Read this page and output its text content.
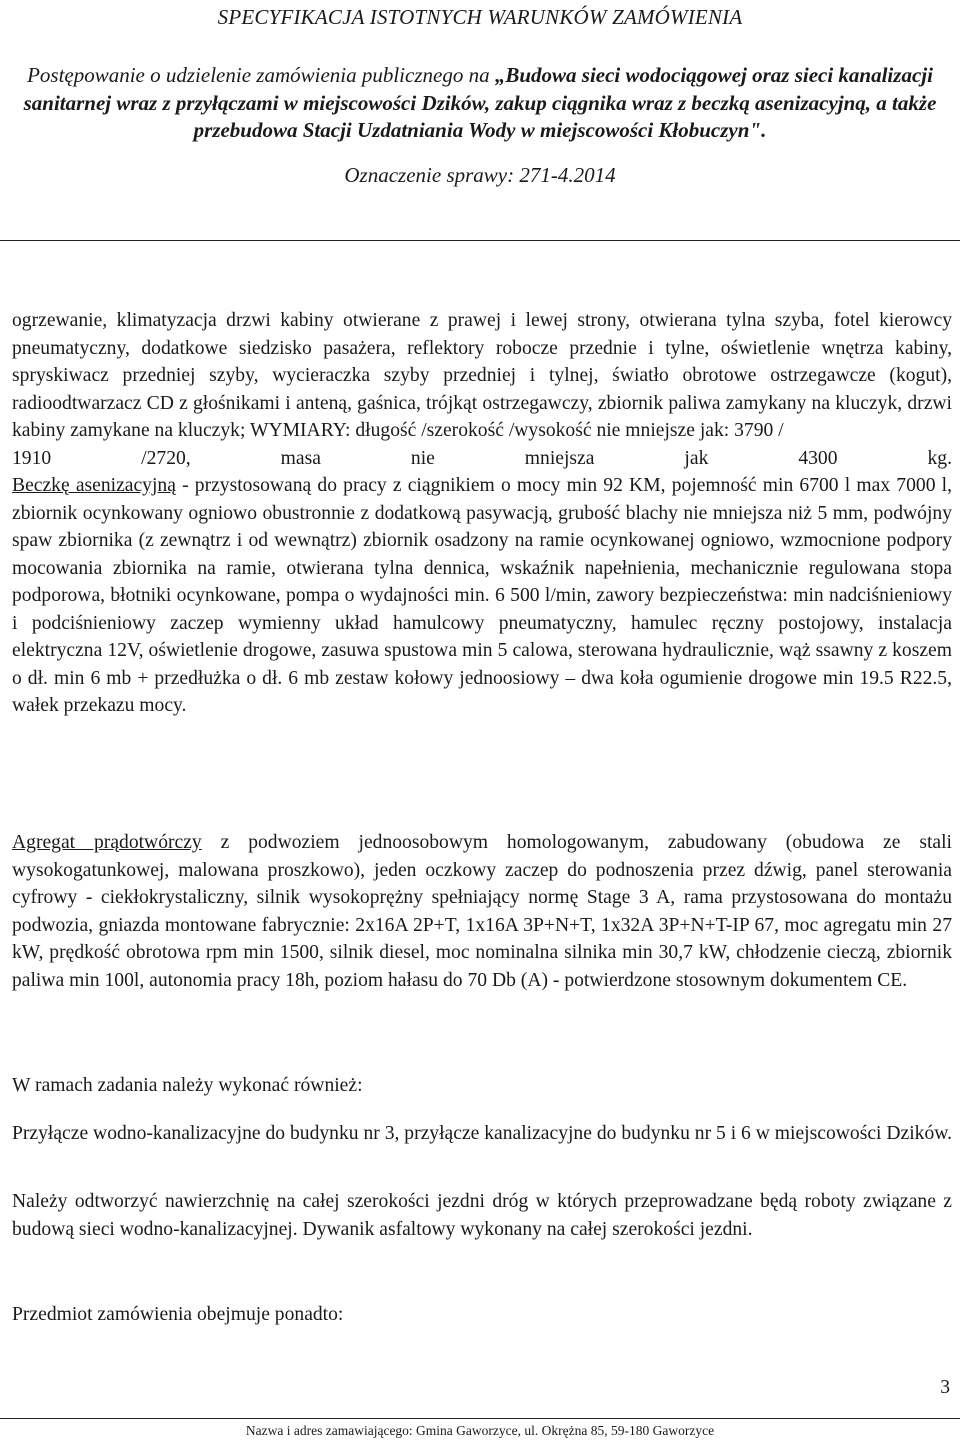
SPECYFIKACJA ISTOTNYCH WARUNKÓW ZAMÓWIENIA
Postępowanie o udzielenie zamówienia publicznego na „Budowa sieci wodociągowej oraz sieci kanalizacji sanitarnej wraz z przyłączami w miejscowości Dzików, zakup ciągnika wraz z beczką asenizacyjną, a także przebudowa Stacji Uzdatniania Wody w miejscowości Kłobuczyn".
Oznaczenie sprawy: 271-4.2014

ogrzewanie, klimatyzacja drzwi kabiny otwierane z prawej i lewej strony, otwierana tylna szyba, fotel kierowcy pneumatyczny, dodatkowe siedzisko pasażera, reflektory robocze przednie i tylne, oświetlenie wnętrza kabiny, spryskiwacz przedniej szyby, wycieraczka szyby przedniej i tylnej, światło obrotowe ostrzegawcze (kogut), radioodtwarzacz CD z głośnikami i anteną, gaśnica, trójkąt ostrzegawczy, zbiornik paliwa zamykany na kluczyk, drzwi kabiny zamykane na kluczyk; WYMIARY: długość /szerokość /wysokość nie mniejsze jak: 3790 /

1910 /2720, masa nie mniejsza jak 4300 kg.

Beczkę asenizacyjną - przystosowaną do pracy z ciągnikiem o mocy min 92 KM, pojemność min 6700 l max 7000 l, zbiornik ocynkowany ogniowo obustronnie z dodatkową pasywacją, grubość blachy nie mniejsza niż 5 mm, podwójny spaw zbiornika (z zewnątrz i od wewnątrz) zbiornik osadzony na ramie ocynkowanej ogniowo, wzmocnione podpory mocowania zbiornika na ramie, otwierana tylna dennica, wskaźnik napełnienia, mechanicznie regulowana stopa podporowa, błotniki ocynkowane, pompa o wydajności min. 6 500 l/min, zawory bezpieczeństwa: min nadciśnieniowy i podciśnieniowy zaczep wymienny układ hamulcowy pneumatyczny, hamulec ręczny postojowy, instalacja elektryczna 12V, oświetlenie drogowe, zasuwa spustowa min 5 calowa, sterowana hydraulicznie, wąż ssawny z koszem o dł. min 6 mb + przedłużka o dł. 6 mb zestaw kołowy jednoosiowy – dwa koła ogumienie drogowe min 19.5 R22.5, wałek przekazu mocy.

Agregat prądotwórczy z podwoziem jednoosobowym homologowanym, zabudowany (obudowa ze stali wysokogatunkowej, malowana proszkowo), jeden oczkowy zaczep do podnoszenia przez dźwig, panel sterowania cyfrowy - ciekłokrystaliczny, silnik wysokoprężny spełniający normę Stage 3 A, rama przystosowana do montażu podwozia, gniazda montowane fabrycznie: 2x16A 2P+T, 1x16A 3P+N+T, 1x32A 3P+N+T-IP 67, moc agregatu min 27 kW, prędkość obrotowa rpm min 1500, silnik diesel, moc nominalna silnika min 30,7 kW, chłodzenie cieczą, zbiornik paliwa min 100l, autonomia pracy 18h, poziom hałasu do 70 Db (A) - potwierdzone stosownym dokumentem CE.

W ramach zadania należy wykonać również:
Przyłącze wodno-kanalizacyjne do budynku nr 3, przyłącze kanalizacyjne do budynku nr 5 i 6 w miejscowości Dzików.
Należy odtworzyć nawierzchnię na całej szerokości jezdni dróg w których przeprowadzane będą roboty związane z budową sieci wodno-kanalizacyjnej. Dywanik asfaltowy wykonany na całej szerokości jezdni.
Przedmiot zamówienia obejmuje ponadto:
3
Nazwa i adres zamawiającego: Gmina Gaworzyce, ul. Okrężna 85, 59-180 Gaworzyce
